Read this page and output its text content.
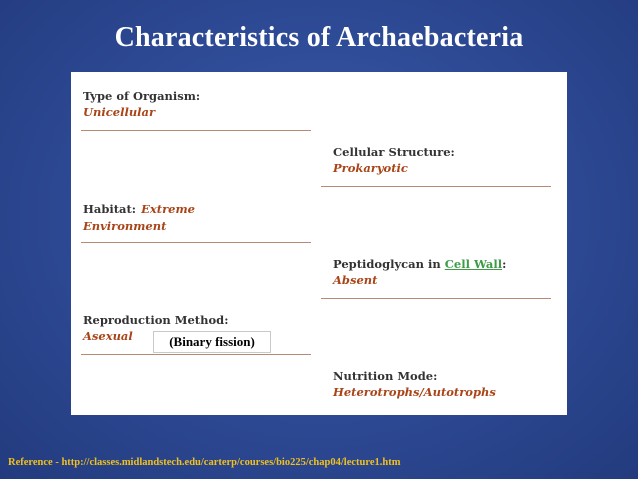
Characteristics of Archaebacteria
Type of Organism:
Unicellular
Cellular Structure:
Prokaryotic
Habitat: Extreme
Environment
Peptidoglycan in Cell Wall:
Absent
Reproduction Method:
Asexual
Nutrition Mode:
Heterotrophs/Autotrophs
(Binary fission)
Reference - http://classes.midlandstech.edu/carterp/courses/bio225/chap04/lecture1.htm
